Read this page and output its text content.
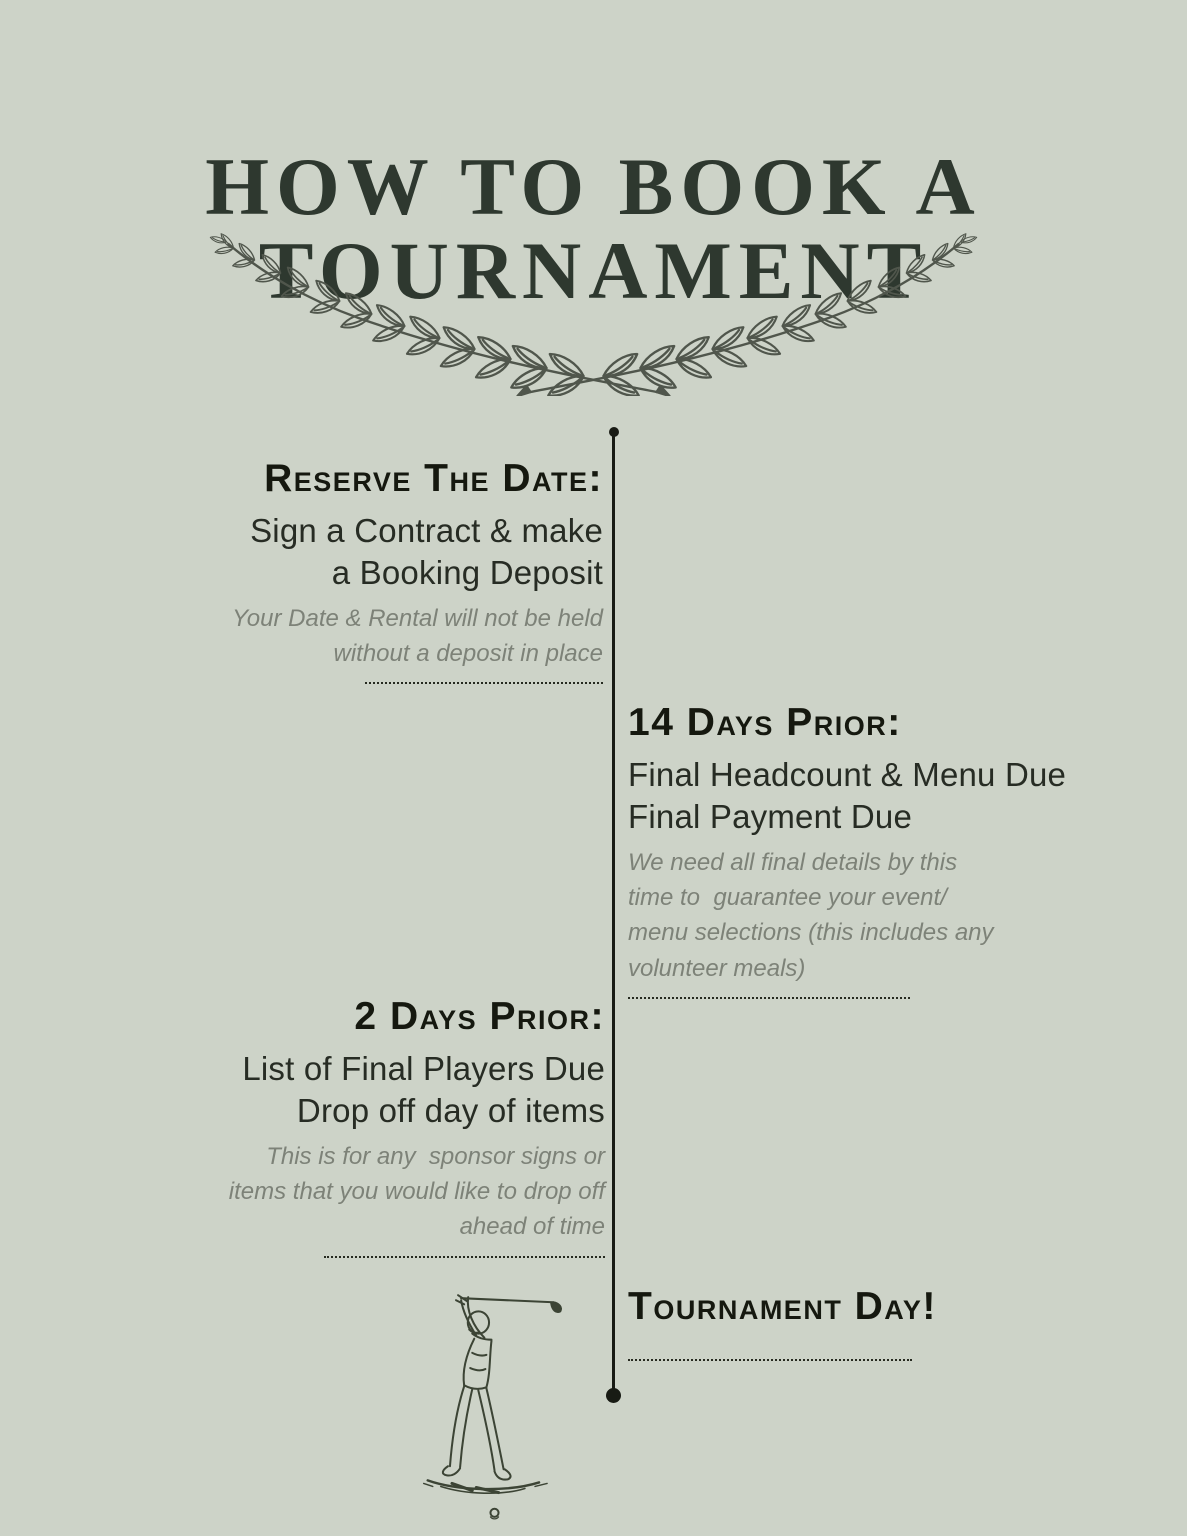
HOW TO BOOK A
TOURNAMENT
Reserve The Date:
Sign a Contract & make
a Booking Deposit
Your Date & Rental will not be held
without a deposit in place
14 Days Prior:
Final Headcount & Menu Due
Final Payment Due
We need all final details by this
time to  guarantee your event/
menu selections (this includes any
volunteer meals)
2 Days Prior:
List of Final Players Due
Drop off day of items
This is for any  sponsor signs or
items that you would like to drop off
ahead of time
Tournament Day!
